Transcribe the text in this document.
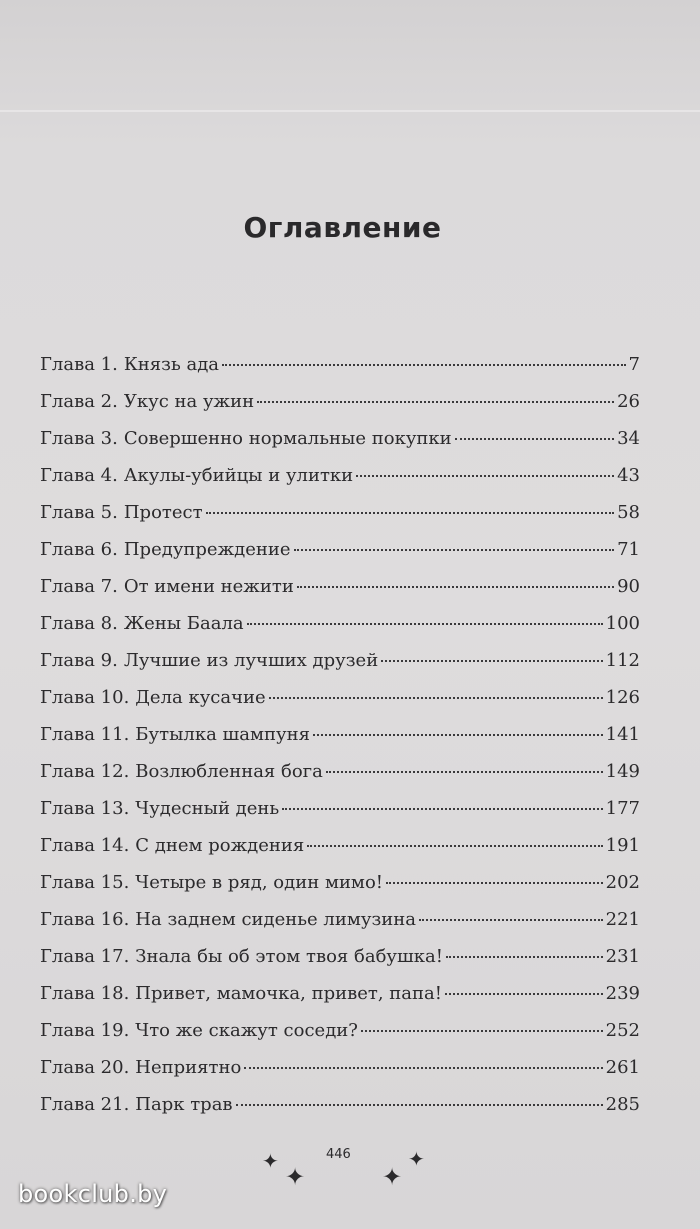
Оглавление
Глава 1. Князь ада	7
Глава 2. Укус на ужин	26
Глава 3. Совершенно нормальные покупки	34
Глава 4. Акулы-убийцы и улитки	43
Глава 5. Протест	58
Глава 6. Предупреждение	71
Глава 7. От имени нежити	90
Глава 8. Жены Баала	100
Глава 9. Лучшие из лучших друзей	112
Глава 10. Дела кусачие	126
Глава 11. Бутылка шампуня	141
Глава 12. Возлюбленная бога	149
Глава 13. Чудесный день	177
Глава 14. С днем рождения	191
Глава 15. Четыре в ряд, один мимо!	202
Глава 16. На заднем сиденье лимузина	221
Глава 17. Знала бы об этом твоя бабушка!	231
Глава 18. Привет, мамочка, привет, папа!	239
Глава 19. Что же скажут соседи?	252
Глава 20. Неприятно	261
Глава 21. Парк трав	285
✦
✦
446
✦
✦
bookclub.by
